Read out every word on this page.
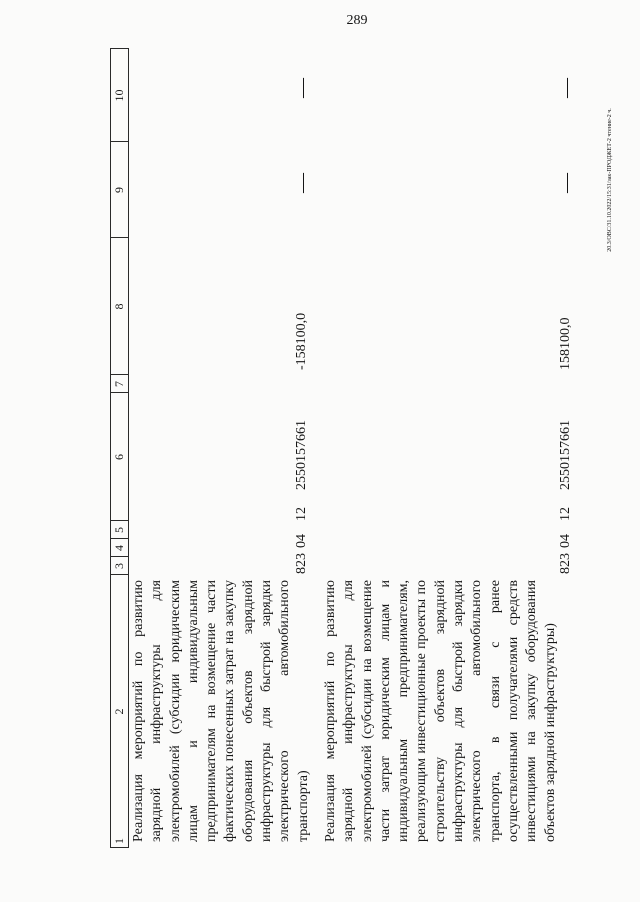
289
20.3/ОВС/31.10.2022/15:31/зак-ПРОДЖЕТ-2 чтение-2 ч.
1
2
3
4
5
6
7
8
9
10
Реализация мероприятий по развитию зарядной инфраструктуры для электромобилей (субсидии юридическим лицам и индивидуальным предпринимателям на возмещение части фактических понесенных затрат на закупку оборудования объектов зарядной инфраструктуры для быстрой зарядки электрического автомобильного транспорта)
823
04
12
2550157661
-158100,0
—
—
Реализация мероприятий по развитию зарядной инфраструктуры для электромобилей (субсидии на возмещение части затрат юридическим лицам и индивидуальным предпринимателям, реализующим инвестиционные проекты по строительству объектов зарядной инфраструктуры для быстрой зарядки электрического автомобильного транспорта, в связи с ранее осуществленными получателями средств инвестициями на закупку оборудования объектов зарядной инфраструктуры)
823
04
12
2550157661
158100,0
—
—
